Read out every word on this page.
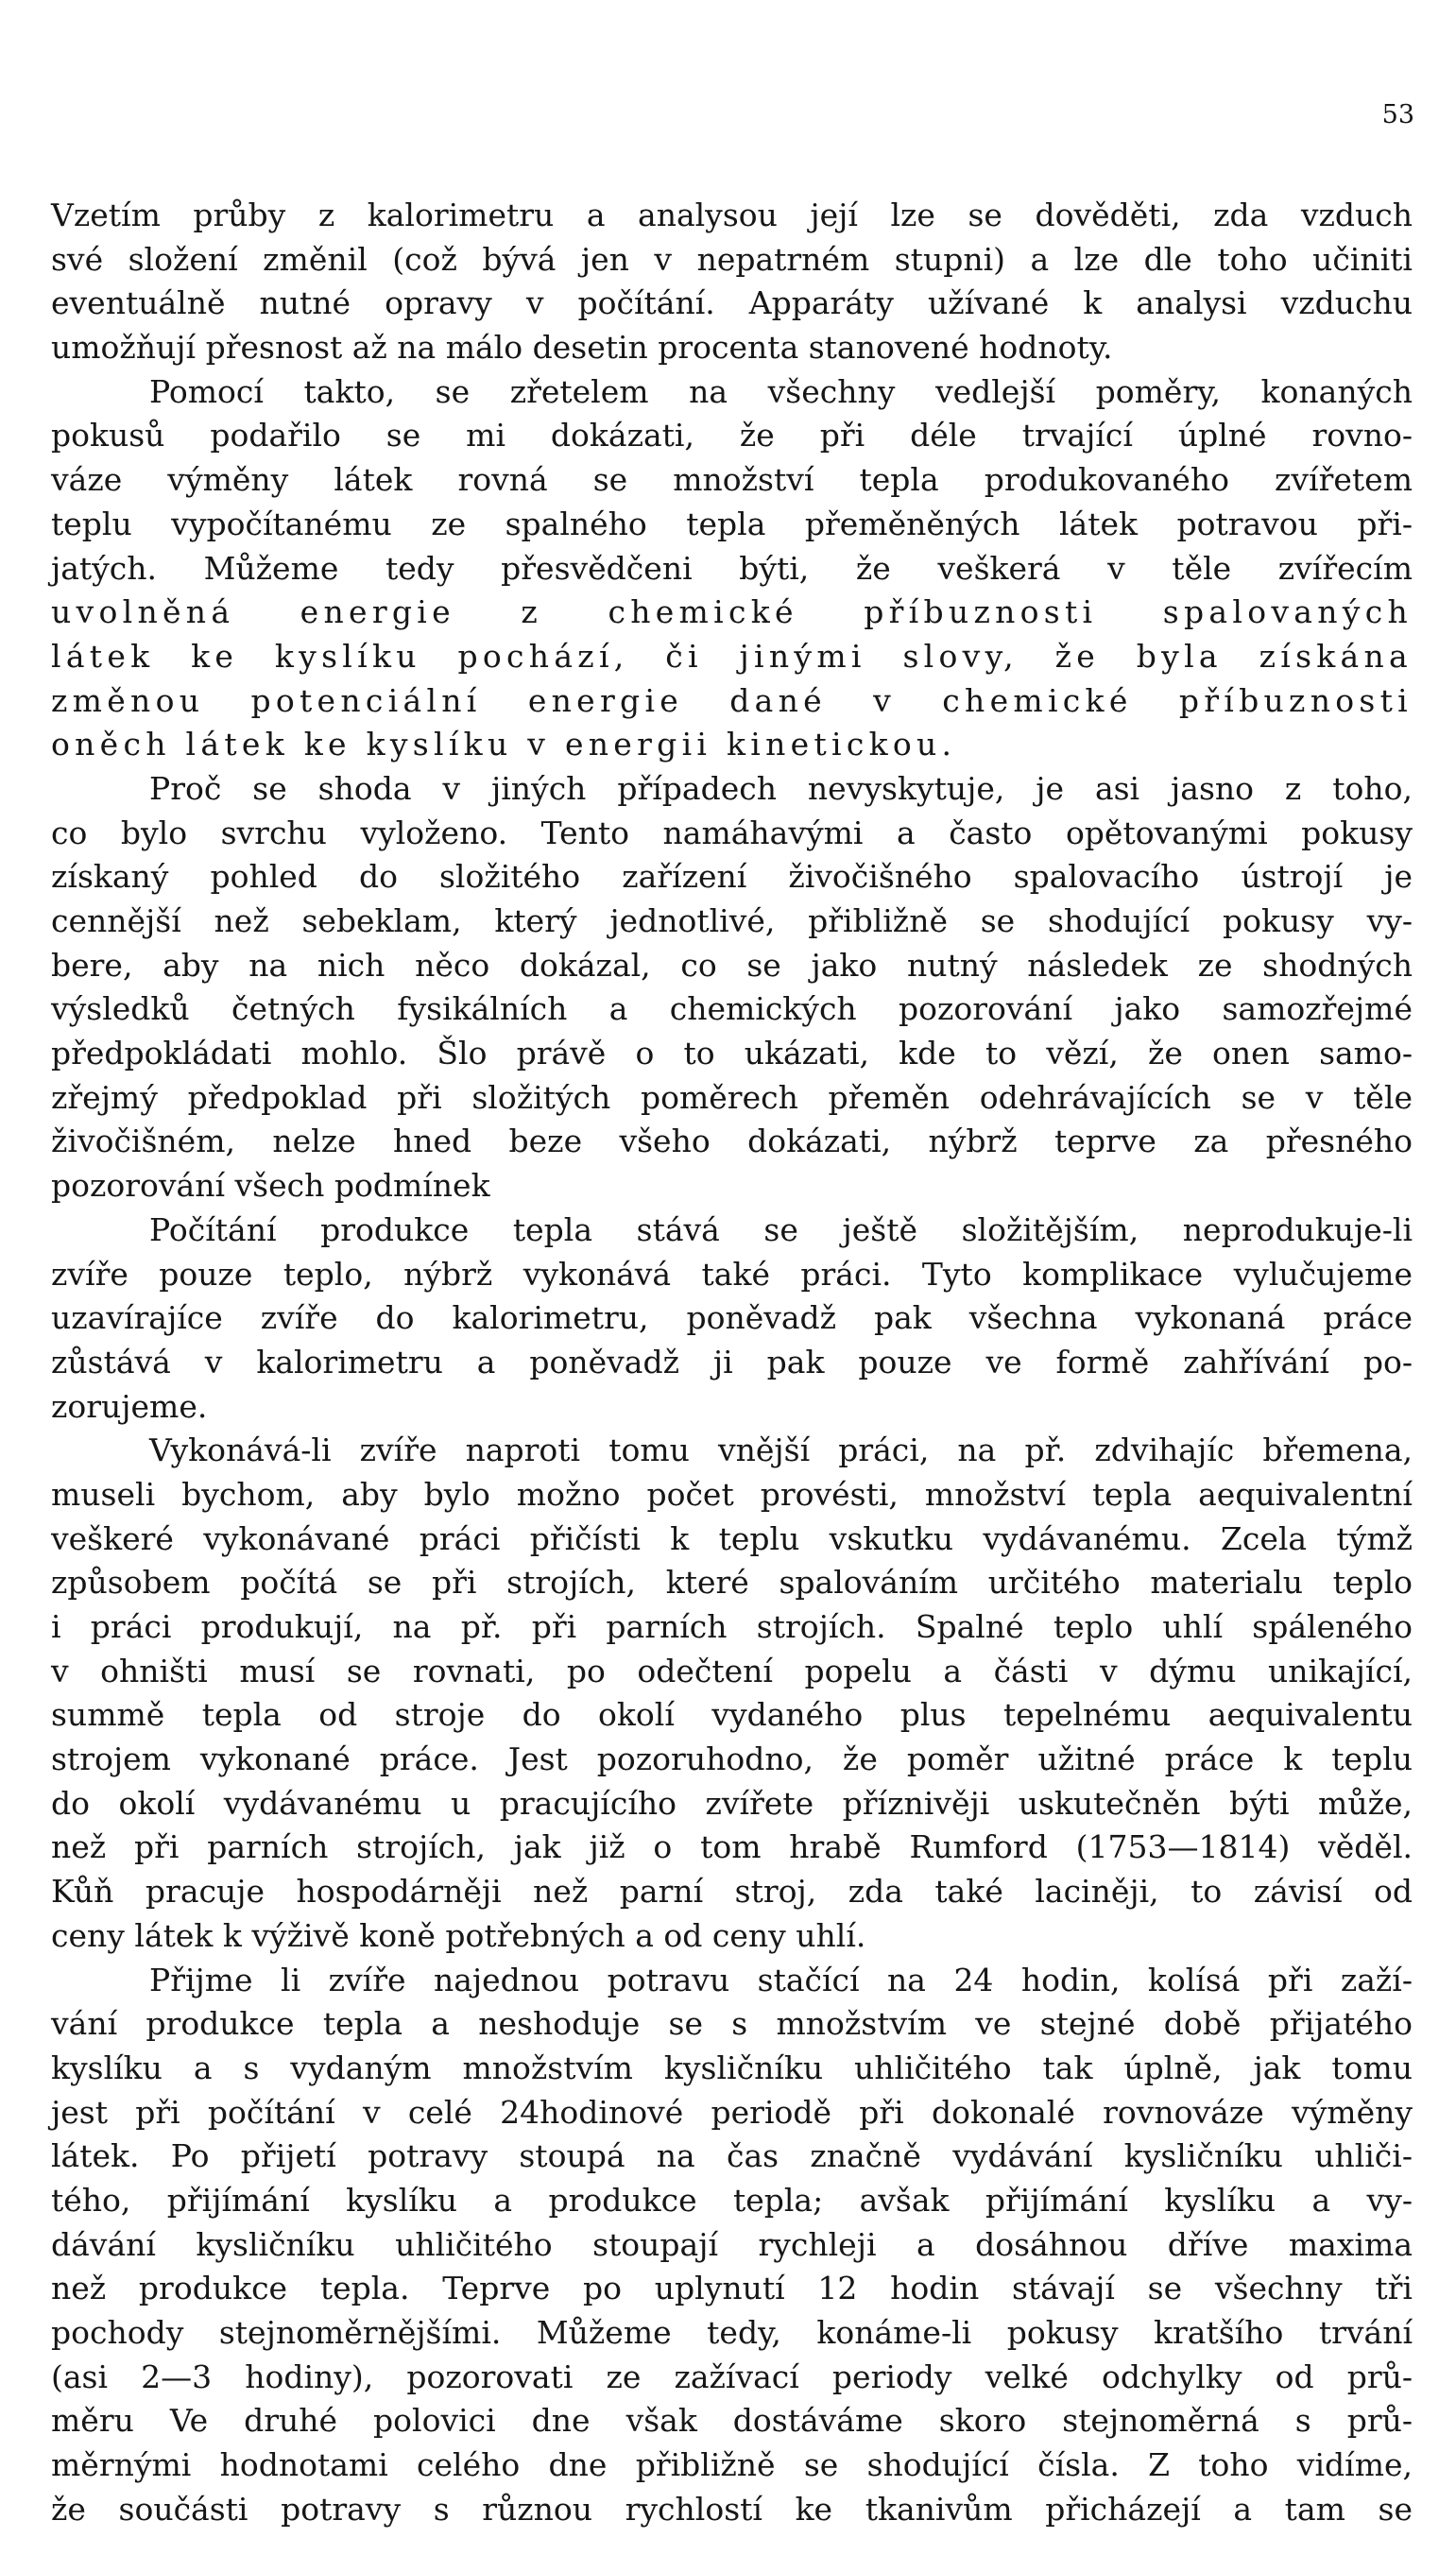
53
Vzetím průby z kalorimetru a analysou její lze se dověděti, zda vzduch
své složení změnil (což bývá jen v nepatrném stupni) a lze dle toho učiniti
eventuálně nutné opravy v počítání. Apparáty užívané k analysi vzduchu
umožňují přesnost až na málo desetin procenta stanovené hodnoty.
Pomocí takto, se zřetelem na všechny vedlejší poměry, konaných
pokusů podařilo se mi dokázati, že při déle trvající úplné rovno-
váze výměny látek rovná se množství tepla produkovaného zvířetem
teplu vypočítanému ze spalného tepla přeměněných látek potravou při-
jatých. Můžeme tedy přesvědčeni býti, že veškerá v těle zvířecím
uvolněná energie z chemické příbuznosti spalovaných
látek ke kyslíku pochází, či jinými slovy, že byla získána
změnou potenciální energie dané v chemické příbuznosti
oněch látek ke kyslíku v energii kinetickou.
Proč se shoda v jiných případech nevyskytuje, je asi jasno z toho,
co bylo svrchu vyloženo. Tento namáhavými a často opětovanými pokusy
získaný pohled do složitého zařízení živočišného spalovacího ústrojí je
cennější než sebeklam, který jednotlivé, přibližně se shodující pokusy vy-
bere, aby na nich něco dokázal, co se jako nutný následek ze shodných
výsledků četných fysikálních a chemických pozorování jako samozřejmé
předpokládati mohlo. Šlo právě o to ukázati, kde to vězí, že onen samo-
zřejmý předpoklad při složitých poměrech přeměn odehrávajících se v těle
živočišném, nelze hned beze všeho dokázati, nýbrž teprve za přesného
pozorování všech podmínek
Počítání produkce tepla stává se ještě složitějším, neprodukuje-li
zvíře pouze teplo, nýbrž vykonává také práci. Tyto komplikace vylučujeme
uzavírajíce zvíře do kalorimetru, poněvadž pak všechna vykonaná práce
zůstává v kalorimetru a poněvadž ji pak pouze ve formě zahřívání po-
zorujeme.
Vykonává-li zvíře naproti tomu vnější práci, na př. zdvihajíc břemena,
museli bychom, aby bylo možno počet provésti, množství tepla aequivalentní
veškeré vykonávané práci přičísti k teplu vskutku vydávanému. Zcela týmž
způsobem počítá se při strojích, které spalováním určitého materialu teplo
i práci produkují, na př. při parních strojích. Spalné teplo uhlí spáleného
v ohništi musí se rovnati, po odečtení popelu a části v dýmu unikající,
summě tepla od stroje do okolí vydaného plus tepelnému aequivalentu
strojem vykonané práce. Jest pozoruhodno, že poměr užitné práce k teplu
do okolí vydávanému u pracujícího zvířete příznivěji uskutečněn býti může,
než při parních strojích, jak již o tom hrabě Rumford (1753—1814) věděl.
Kůň pracuje hospodárněji než parní stroj, zda také laciněji, to závisí od
ceny látek k výživě koně potřebných a od ceny uhlí.
Přijme li zvíře najednou potravu stačící na 24 hodin, kolísá při zaží-
vání produkce tepla a neshoduje se s množstvím ve stejné době přijatého
kyslíku a s vydaným množstvím kysličníku uhličitého tak úplně, jak tomu
jest při počítání v celé 24hodinové periodě při dokonalé rovnováze výměny
látek. Po přijetí potravy stoupá na čas značně vydávání kysličníku uhliči-
tého, přijímání kyslíku a produkce tepla; avšak přijímání kyslíku a vy-
dávání kysličníku uhličitého stoupají rychleji a dosáhnou dříve maxima
než produkce tepla. Teprve po uplynutí 12 hodin stávají se všechny tři
pochody stejnoměrnějšími. Můžeme tedy, konáme-li pokusy kratšího trvání
(asi 2—3 hodiny), pozorovati ze zažívací periody velké odchylky od prů-
měru Ve druhé polovici dne však dostáváme skoro stejnoměrná s prů-
měrnými hodnotami celého dne přibližně se shodující čísla. Z toho vidíme,
že součásti potravy s různou rychlostí ke tkanivům přicházejí a tam se
